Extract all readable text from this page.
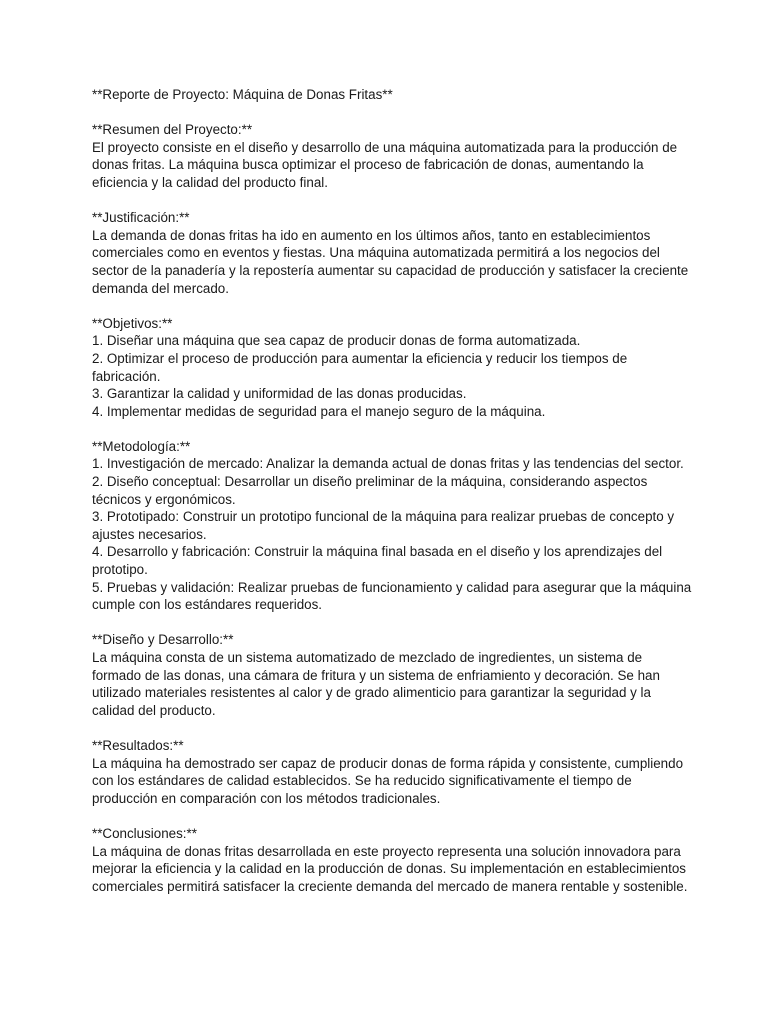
**Reporte de Proyecto: Máquina de Donas Fritas**
**Resumen del Proyecto:**

El proyecto consiste en el diseño y desarrollo de una máquina automatizada para la producción de donas fritas. La máquina busca optimizar el proceso de fabricación de donas, aumentando la eficiencia y la calidad del producto final.

**Justificación:**

La demanda de donas fritas ha ido en aumento en los últimos años, tanto en establecimientos comerciales como en eventos y fiestas. Una máquina automatizada permitirá a los negocios del sector de la panadería y la repostería aumentar su capacidad de producción y satisfacer la creciente demanda del mercado.

**Objetivos:**
1. Diseñar una máquina que sea capaz de producir donas de forma automatizada.
2. Optimizar el proceso de producción para aumentar la eficiencia y reducir los tiempos de fabricación.
3. Garantizar la calidad y uniformidad de las donas producidas.
4. Implementar medidas de seguridad para el manejo seguro de la máquina.
**Metodología:**
1. Investigación de mercado: Analizar la demanda actual de donas fritas y las tendencias del sector.
2. Diseño conceptual: Desarrollar un diseño preliminar de la máquina, considerando aspectos técnicos y ergonómicos.
3. Prototipado: Construir un prototipo funcional de la máquina para realizar pruebas de concepto y ajustes necesarios.
4. Desarrollo y fabricación: Construir la máquina final basada en el diseño y los aprendizajes del prototipo.
5. Pruebas y validación: Realizar pruebas de funcionamiento y calidad para asegurar que la máquina cumple con los estándares requeridos.
**Diseño y Desarrollo:**

La máquina consta de un sistema automatizado de mezclado de ingredientes, un sistema de formado de las donas, una cámara de fritura y un sistema de enfriamiento y decoración. Se han utilizado materiales resistentes al calor y de grado alimenticio para garantizar la seguridad y la calidad del producto.

**Resultados:**

La máquina ha demostrado ser capaz de producir donas de forma rápida y consistente, cumpliendo con los estándares de calidad establecidos. Se ha reducido significativamente el tiempo de producción en comparación con los métodos tradicionales.

**Conclusiones:**

La máquina de donas fritas desarrollada en este proyecto representa una solución innovadora para mejorar la eficiencia y la calidad en la producción de donas. Su implementación en establecimientos comerciales permitirá satisfacer la creciente demanda del mercado de manera rentable y sostenible.
